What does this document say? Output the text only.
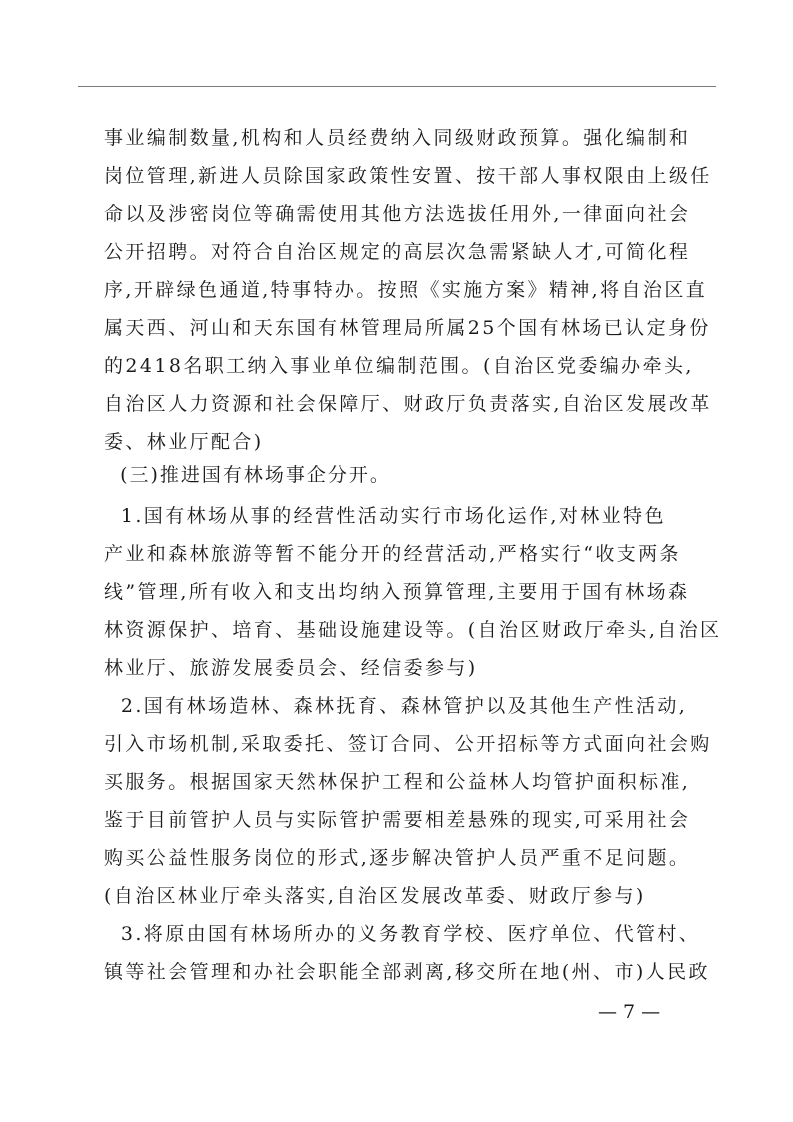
事业编制数量,机构和人员经费纳入同级财政预算。强化编制和
岗位管理,新进人员除国家政策性安置、按干部人事权限由上级任
命以及涉密岗位等确需使用其他方法选拔任用外,一律面向社会
公开招聘。对符合自治区规定的高层次急需紧缺人才,可简化程
序,开辟绿色通道,特事特办。按照《实施方案》精神,将自治区直
属天西、河山和天东国有林管理局所属25个国有林场已认定身份
的2418名职工纳入事业单位编制范围。(自治区党委编办牵头,
自治区人力资源和社会保障厅、财政厅负责落实,自治区发展改革
委、林业厅配合)
(三)推进国有林场事企分开。
1.国有林场从事的经营性活动实行市场化运作,对林业特色
产业和森林旅游等暂不能分开的经营活动,严格实行“收支两条
线”管理,所有收入和支出均纳入预算管理,主要用于国有林场森
林资源保护、培育、基础设施建设等。(自治区财政厅牵头,自治区
林业厅、旅游发展委员会、经信委参与)
2.国有林场造林、森林抚育、森林管护以及其他生产性活动,
引入市场机制,采取委托、签订合同、公开招标等方式面向社会购
买服务。根据国家天然林保护工程和公益林人均管护面积标准,
鉴于目前管护人员与实际管护需要相差悬殊的现实,可采用社会
购买公益性服务岗位的形式,逐步解决管护人员严重不足问题。
(自治区林业厅牵头落实,自治区发展改革委、财政厅参与)
3.将原由国有林场所办的义务教育学校、医疗单位、代管村、
镇等社会管理和办社会职能全部剥离,移交所在地(州、市)人民政
— 7 —
